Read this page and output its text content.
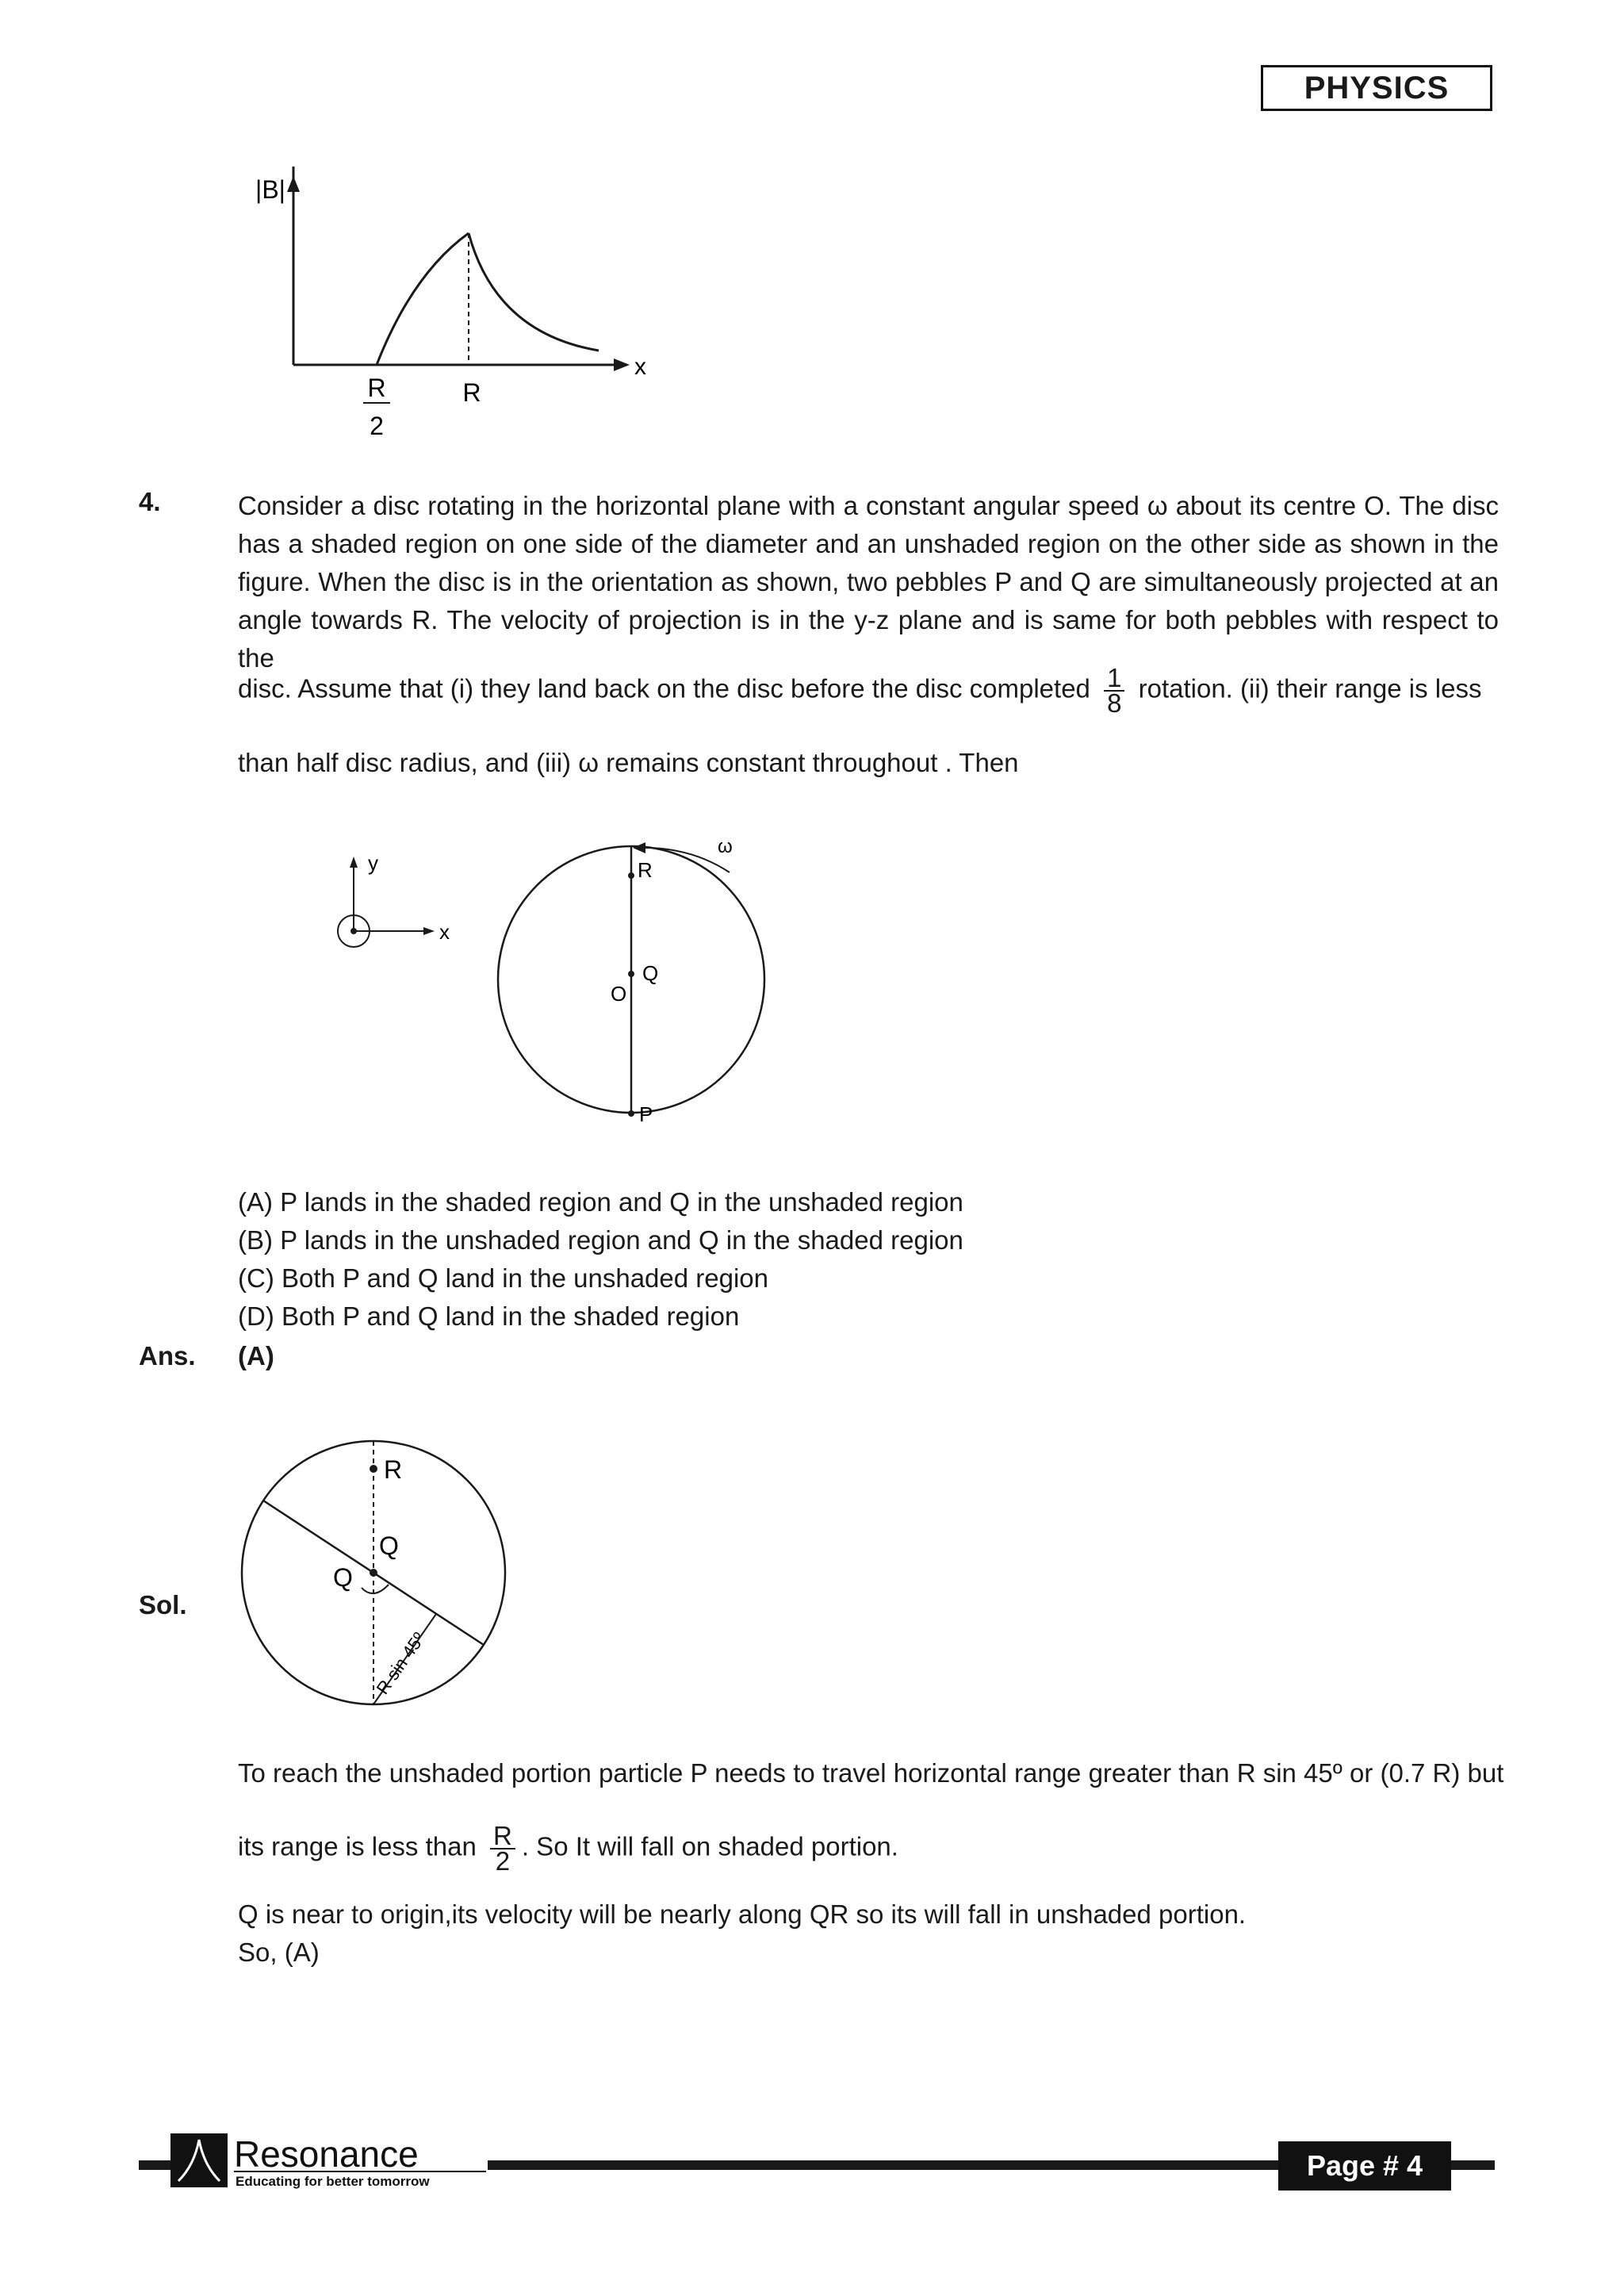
PHYSICS
|B|
x
R
2
R
4.	Consider a disc rotating in the horizontal plane with a constant angular speed ω about its centre O. The disc has a shaded region on one side of the diameter and an unshaded region on the other side as shown in the figure. When the disc is in the orientation as shown, two pebbles P and Q are simultaneously projected at an angle towards R. The velocity of projection is in the y-z plane and is same for both pebbles with respect to the
disc. Assume that (i) they land back on the disc before the disc completed $\frac{1}{8}$ rotation. (ii) their range is less
than half disc radius, and (iii) ω remains constant throughout . Then
y
x
R
Q
O
P
ω
(A) P lands in the shaded region and Q in the unshaded region
(B) P lands in the unshaded region and Q in the shaded region
(C) Both P and Q land in the unshaded region
(D) Both P and Q land in the shaded region
Ans. (A)
Sol.
R
Q
Q
R sin 45º
To reach the unshaded portion particle P needs to travel horizontal range greater than R sin 45º or (0.7 R) but
its range is less than $\frac{R}{2}$ . So It will fall on shaded portion.
Q is near to origin,its velocity will be nearly along QR so its will fall in unshaded portion.
So, (A)
Resonance
Educating for better tomorrow	Page # 4
